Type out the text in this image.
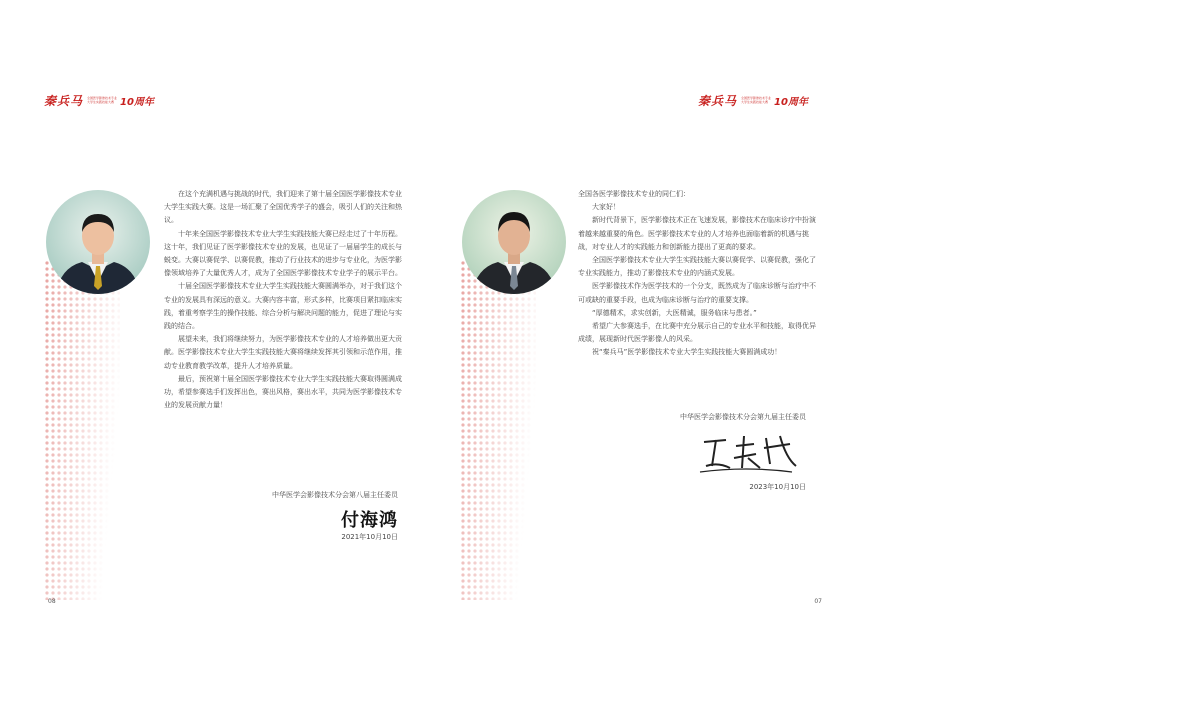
秦兵马 全国医学影像技术专业
大学生实践技能大赛 10周年

在这个充满机遇与挑战的时代，我们迎来了第十届全国医学影像技术专业大学生实践大赛。这是一场汇聚了全国优秀学子的盛会，吸引人们的关注和热议。

十年来全国医学影像技术专业大学生实践技能大赛已经走过了十年历程。这十年，我们见证了医学影像技术专业的发展，也见证了一届届学生的成长与蜕变。大赛以赛促学、以赛促教，推动了行业技术的进步与专业化，为医学影像领域培养了大量优秀人才，成为了全国医学影像技术专业学子的展示平台。

十届全国医学影像技术专业大学生实践技能大赛圆满举办，对于我们这个专业的发展具有深远的意义。大赛内容丰富，形式多样，比赛项目紧扣临床实践，着重考察学生的操作技能、综合分析与解决问题的能力，促进了理论与实践的结合。

展望未来，我们将继续努力，为医学影像技术专业的人才培养做出更大贡献。医学影像技术专业大学生实践技能大赛将继续发挥其引领和示范作用，推动专业教育教学改革，提升人才培养质量。

最后，预祝第十届全国医学影像技术专业大学生实践技能大赛取得圆满成功，希望参赛选手们发挥出色，赛出风格，赛出水平，共同为医学影像技术专业的发展贡献力量！

中华医学会影像技术分会第八届主任委员
付海鸿
2021年10月10日
08
秦兵马 全国医学影像技术专业
大学生实践技能大赛 10周年

全国各医学影像技术专业的同仁们：

大家好！

新时代背景下，医学影像技术正在飞速发展，影像技术在临床诊疗中扮演着越来越重要的角色。医学影像技术专业的人才培养也面临着新的机遇与挑战，对专业人才的实践能力和创新能力提出了更高的要求。

全国医学影像技术专业大学生实践技能大赛以赛促学、以赛促教，强化了专业实践能力，推动了影像技术专业的内涵式发展。

医学影像技术作为医学技术的一个分支，既然成为了临床诊断与治疗中不可或缺的重要手段，也成为临床诊断与治疗的重要支撑。

“厚德精术，求实创新，大医精诚，服务临床与患者。”

希望广大参赛选手，在比赛中充分展示自己的专业水平和技能，取得优异成绩，展现新时代医学影像人的风采。

祝“秦兵马”医学影像技术专业大学生实践技能大赛圆满成功！

中华医学会影像技术分会第九届主任委员
2023年10月10日
07
